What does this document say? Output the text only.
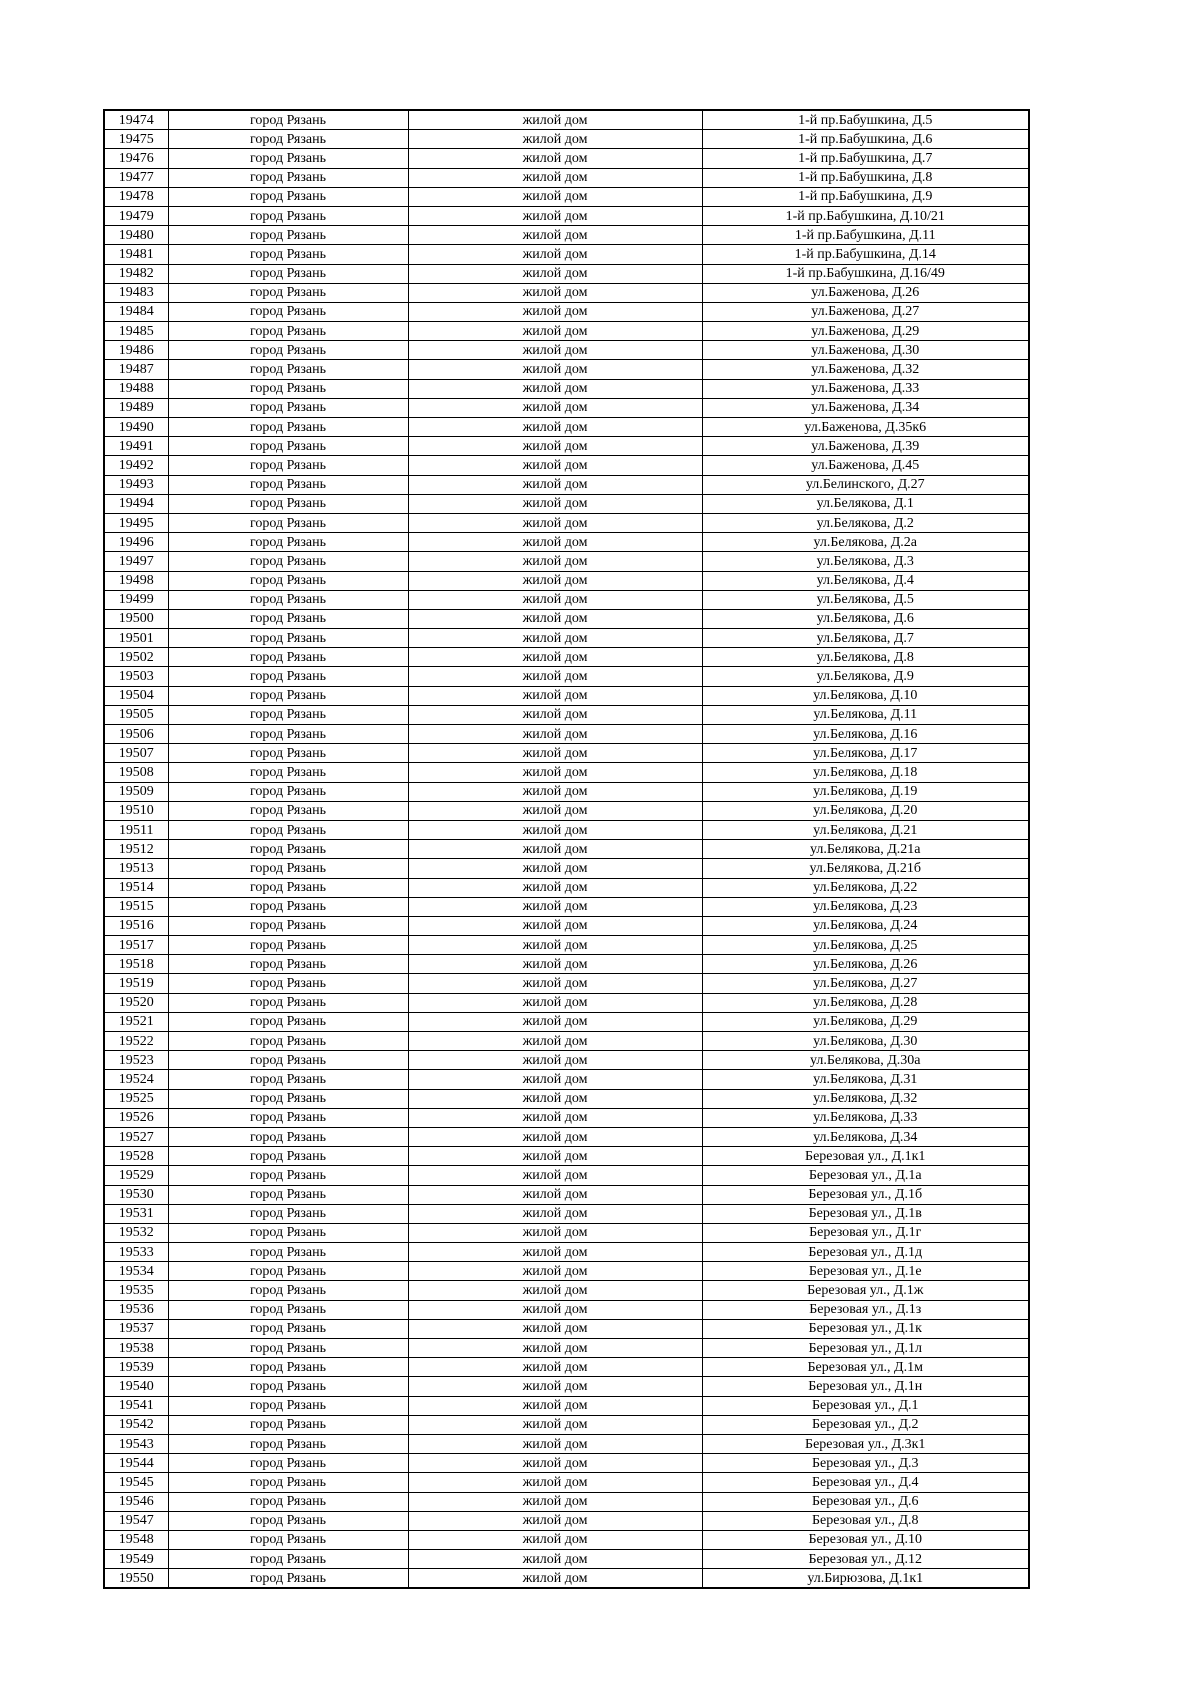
19474	город Рязань	жилой дом	1-й пр.Бабушкина, Д.5
19475	город Рязань	жилой дом	1-й пр.Бабушкина, Д.6
19476	город Рязань	жилой дом	1-й пр.Бабушкина, Д.7
19477	город Рязань	жилой дом	1-й пр.Бабушкина, Д.8
19478	город Рязань	жилой дом	1-й пр.Бабушкина, Д.9
19479	город Рязань	жилой дом	1-й пр.Бабушкина, Д.10/21
19480	город Рязань	жилой дом	1-й пр.Бабушкина, Д.11
19481	город Рязань	жилой дом	1-й пр.Бабушкина, Д.14
19482	город Рязань	жилой дом	1-й пр.Бабушкина, Д.16/49
19483	город Рязань	жилой дом	ул.Баженова, Д.26
19484	город Рязань	жилой дом	ул.Баженова, Д.27
19485	город Рязань	жилой дом	ул.Баженова, Д.29
19486	город Рязань	жилой дом	ул.Баженова, Д.30
19487	город Рязань	жилой дом	ул.Баженова, Д.32
19488	город Рязань	жилой дом	ул.Баженова, Д.33
19489	город Рязань	жилой дом	ул.Баженова, Д.34
19490	город Рязань	жилой дом	ул.Баженова, Д.35к6
19491	город Рязань	жилой дом	ул.Баженова, Д.39
19492	город Рязань	жилой дом	ул.Баженова, Д.45
19493	город Рязань	жилой дом	ул.Белинского, Д.27
19494	город Рязань	жилой дом	ул.Белякова, Д.1
19495	город Рязань	жилой дом	ул.Белякова, Д.2
19496	город Рязань	жилой дом	ул.Белякова, Д.2а
19497	город Рязань	жилой дом	ул.Белякова, Д.3
19498	город Рязань	жилой дом	ул.Белякова, Д.4
19499	город Рязань	жилой дом	ул.Белякова, Д.5
19500	город Рязань	жилой дом	ул.Белякова, Д.6
19501	город Рязань	жилой дом	ул.Белякова, Д.7
19502	город Рязань	жилой дом	ул.Белякова, Д.8
19503	город Рязань	жилой дом	ул.Белякова, Д.9
19504	город Рязань	жилой дом	ул.Белякова, Д.10
19505	город Рязань	жилой дом	ул.Белякова, Д.11
19506	город Рязань	жилой дом	ул.Белякова, Д.16
19507	город Рязань	жилой дом	ул.Белякова, Д.17
19508	город Рязань	жилой дом	ул.Белякова, Д.18
19509	город Рязань	жилой дом	ул.Белякова, Д.19
19510	город Рязань	жилой дом	ул.Белякова, Д.20
19511	город Рязань	жилой дом	ул.Белякова, Д.21
19512	город Рязань	жилой дом	ул.Белякова, Д.21а
19513	город Рязань	жилой дом	ул.Белякова, Д.21б
19514	город Рязань	жилой дом	ул.Белякова, Д.22
19515	город Рязань	жилой дом	ул.Белякова, Д.23
19516	город Рязань	жилой дом	ул.Белякова, Д.24
19517	город Рязань	жилой дом	ул.Белякова, Д.25
19518	город Рязань	жилой дом	ул.Белякова, Д.26
19519	город Рязань	жилой дом	ул.Белякова, Д.27
19520	город Рязань	жилой дом	ул.Белякова, Д.28
19521	город Рязань	жилой дом	ул.Белякова, Д.29
19522	город Рязань	жилой дом	ул.Белякова, Д.30
19523	город Рязань	жилой дом	ул.Белякова, Д.30а
19524	город Рязань	жилой дом	ул.Белякова, Д.31
19525	город Рязань	жилой дом	ул.Белякова, Д.32
19526	город Рязань	жилой дом	ул.Белякова, Д.33
19527	город Рязань	жилой дом	ул.Белякова, Д.34
19528	город Рязань	жилой дом	Березовая ул., Д.1к1
19529	город Рязань	жилой дом	Березовая ул., Д.1а
19530	город Рязань	жилой дом	Березовая ул., Д.1б
19531	город Рязань	жилой дом	Березовая ул., Д.1в
19532	город Рязань	жилой дом	Березовая ул., Д.1г
19533	город Рязань	жилой дом	Березовая ул., Д.1д
19534	город Рязань	жилой дом	Березовая ул., Д.1е
19535	город Рязань	жилой дом	Березовая ул., Д.1ж
19536	город Рязань	жилой дом	Березовая ул., Д.1з
19537	город Рязань	жилой дом	Березовая ул., Д.1к
19538	город Рязань	жилой дом	Березовая ул., Д.1л
19539	город Рязань	жилой дом	Березовая ул., Д.1м
19540	город Рязань	жилой дом	Березовая ул., Д.1н
19541	город Рязань	жилой дом	Березовая ул., Д.1
19542	город Рязань	жилой дом	Березовая ул., Д.2
19543	город Рязань	жилой дом	Березовая ул., Д.3к1
19544	город Рязань	жилой дом	Березовая ул., Д.3
19545	город Рязань	жилой дом	Березовая ул., Д.4
19546	город Рязань	жилой дом	Березовая ул., Д.6
19547	город Рязань	жилой дом	Березовая ул., Д.8
19548	город Рязань	жилой дом	Березовая ул., Д.10
19549	город Рязань	жилой дом	Березовая ул., Д.12
19550	город Рязань	жилой дом	ул.Бирюзова, Д.1к1
